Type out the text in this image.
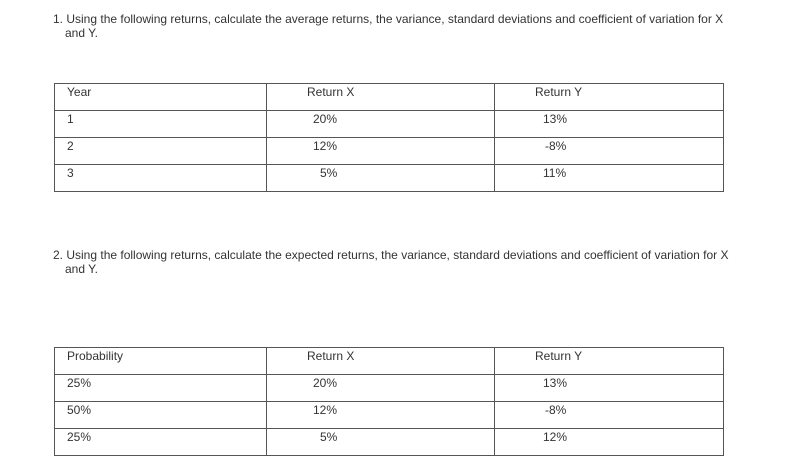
1. Using the following returns, calculate the average returns, the variance, standard deviations and coefficient of variation for X
and Y.
Year	Return X	Return Y

1	20%	13%

2	12%	-8%

3	5%	11%
2. Using the following returns, calculate the expected returns, the variance, standard deviations and coefficient of variation for X
and Y.
Probability	Return X	Return Y

25%	20%	13%

50%	12%	-8%

25%	5%	12%
